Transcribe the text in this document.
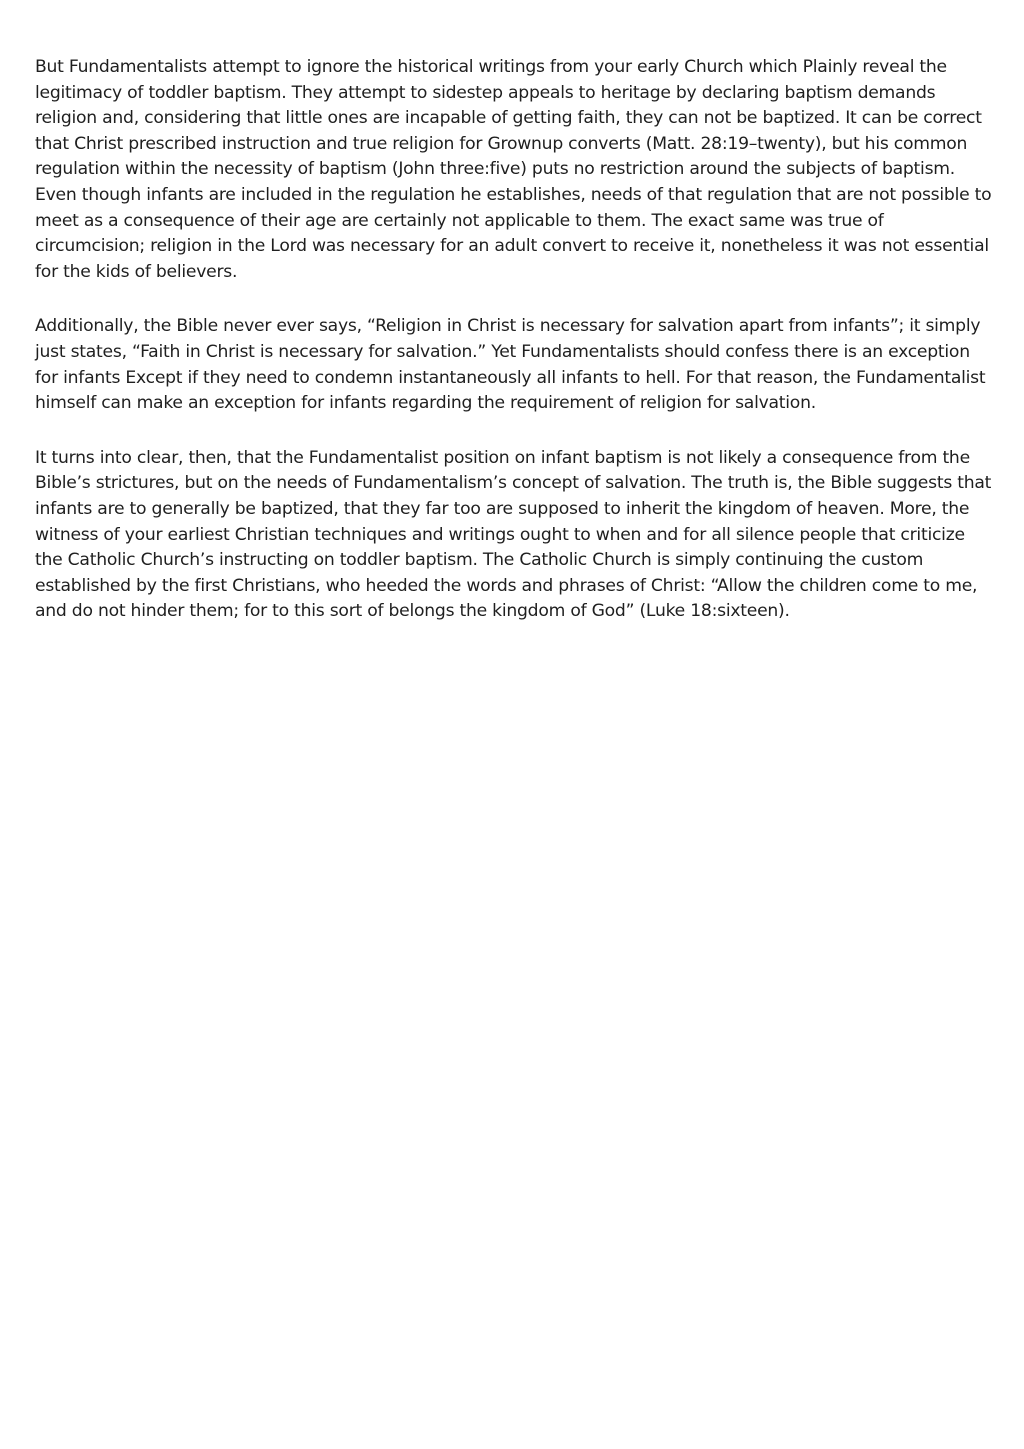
But Fundamentalists attempt to ignore the historical writings from your early Church which Plainly reveal the legitimacy of toddler baptism. They attempt to sidestep appeals to heritage by declaring baptism demands religion and, considering that little ones are incapable of getting faith, they can not be baptized. It can be correct that Christ prescribed instruction and true religion for Grownup converts (Matt. 28:19–twenty), but his common regulation within the necessity of baptism (John three:five) puts no restriction around the subjects of baptism. Even though infants are included in the regulation he establishes, needs of that regulation that are not possible to meet as a consequence of their age are certainly not applicable to them. The exact same was true of circumcision; religion in the Lord was necessary for an adult convert to receive it, nonetheless it was not essential for the kids of believers.

Additionally, the Bible never ever says, “Religion in Christ is necessary for salvation apart from infants”; it simply just states, “Faith in Christ is necessary for salvation.” Yet Fundamentalists should confess there is an exception for infants Except if they need to condemn instantaneously all infants to hell. For that reason, the Fundamentalist himself can make an exception for infants regarding the requirement of religion for salvation.

It turns into clear, then, that the Fundamentalist position on infant baptism is not likely a consequence from the Bible’s strictures, but on the needs of Fundamentalism’s concept of salvation. The truth is, the Bible suggests that infants are to generally be baptized, that they far too are supposed to inherit the kingdom of heaven. More, the witness of your earliest Christian techniques and writings ought to when and for all silence people that criticize the Catholic Church’s instructing on toddler baptism. The Catholic Church is simply continuing the custom established by the first Christians, who heeded the words and phrases of Christ: “Allow the children come to me, and do not hinder them; for to this sort of belongs the kingdom of God” (Luke 18:sixteen).
